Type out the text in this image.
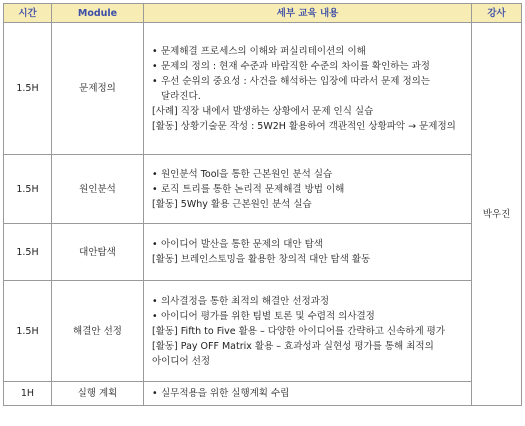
시간	Module	세부 교육 내용	강사
1.5H	문제정의	• 문제해결 프로세스의 이해와 퍼실리테이션의 이해
• 문제의 정의 : 현재 수준과 바람직한 수준의 차이를 확인하는 과정
• 우선 순위의 중요성 : 사건을 해석하는 입장에 따라서 문제 정의는 달라진다.
[사례] 직장 내에서 발생하는 상황에서 문제 인식 실습
[활동] 상황기술문 작성 : 5W2H 활용하여 객관적인 상황파악 → 문제정의	박우진
1.5H	원인분석	• 원인분석 Tool을 통한 근본원인 분석 실습
• 로직 트리를 통한 논리적 문제해결 방법 이해
[활동] 5Why 활용 근본원인 분석 실습	

1.5H	대안탐색	• 아이디어 발산을 통한 문제의 대안 탐색
[활동] 브레인스토밍을 활용한 창의적 대안 탐색 활동	

1.5H	해결안 선정	• 의사결정을 통한 최적의 해결안 선정과정
• 아이디어 평가를 위한 팀별 토론 및 수렴적 의사결정
[활동] Fifth to Five 활용 – 다양한 아이디어를 간략하고 신속하게 평가
[활동] Pay OFF Matrix 활용 – 효과성과 실현성 평가를 통해 최적의 아이디어 선정	

1H	실행 계획	• 실무적용을 위한 실행계획 수립	
